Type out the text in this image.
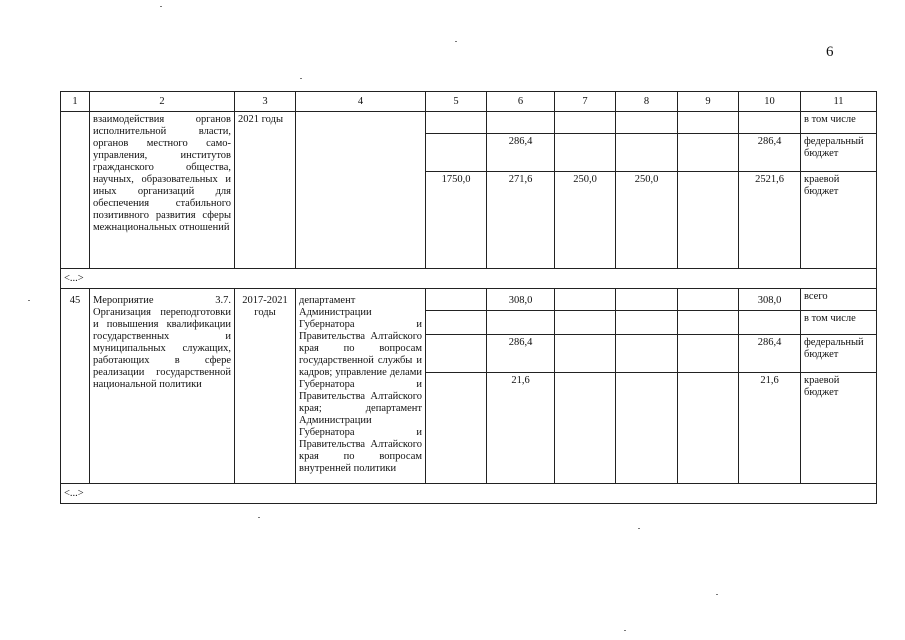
6
1	2	3	4	5	6	7	8	9	10	11
	взаимодействия органов исполнительной власти, органов местного само-управления, институтов гражданского общества, научных, образовательных и иных организаций для обеспечения стабильного позитивного развития сферы межнациональных отношений	2021 годы								в том числе
					286,4				286,4	федеральный бюджет
				1750,0	271,6	250,0	250,0		2521,6	краевой бюджет
<...>										
45	Мероприятие 3.7. Организация переподготовки и повышения квалификации государственных и муниципальных служащих, работающих в сфере реализации государственной национальной политики	2017-2021 годы	департамент Администрации Губернатора и Правительства Алтайского края по вопросам государственной службы и кадров; управление делами Губернатора и Правительства Алтайского края; департамент Администрации Губернатора и Правительства Алтайского края по вопросам внутренней политики		308,0				308,0	всего
										в том числе
					286,4				286,4	федеральный бюджет
					21,6				21,6	краевой бюджет
<...>										
